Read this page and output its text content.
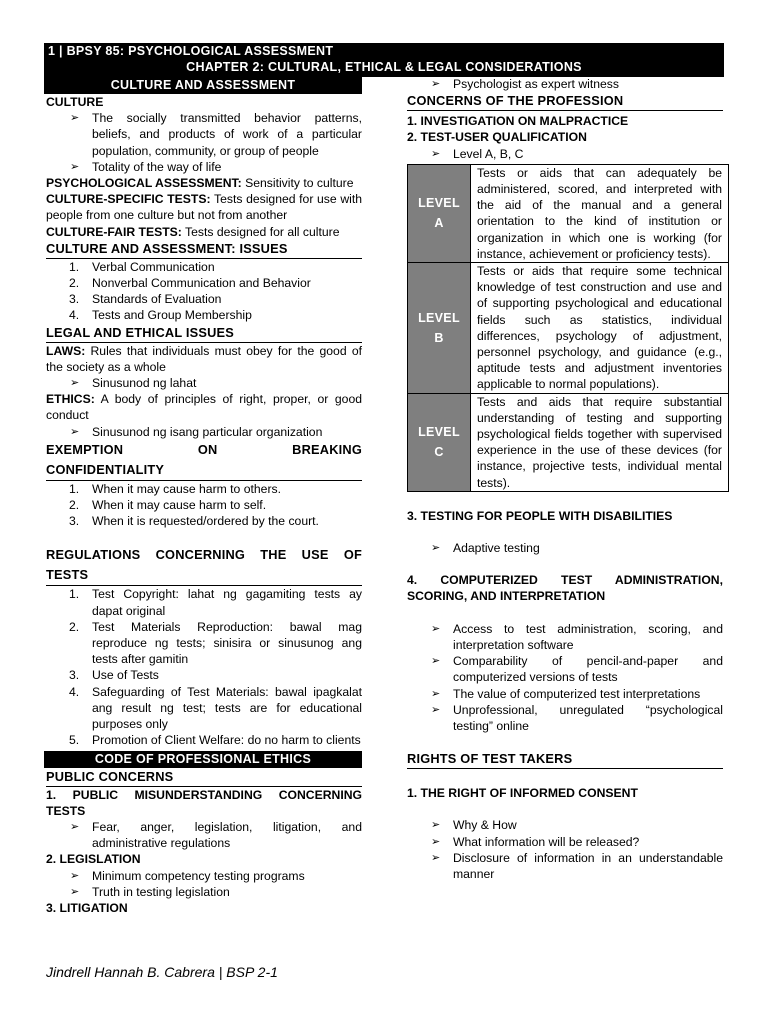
1 | BPSY 85: PSYCHOLOGICAL ASSESSMENT
CHAPTER 2: CULTURAL, ETHICAL & LEGAL CONSIDERATIONS
CULTURE AND ASSESSMENT
CULTURE
➢ The socially transmitted behavior patterns, beliefs, and products of work of a particular population, community, or group of people
➢ Totality of the way of life
PSYCHOLOGICAL ASSESSMENT: Sensitivity to culture
CULTURE-SPECIFIC TESTS: Tests designed for use with people from one culture but not from another
CULTURE-FAIR TESTS: Tests designed for all culture
CULTURE AND ASSESSMENT: ISSUES
1. Verbal Communication
2. Nonverbal Communication and Behavior
3. Standards of Evaluation
4. Tests and Group Membership
LEGAL AND ETHICAL ISSUES
LAWS: Rules that individuals must obey for the good of the society as a whole
➢ Sinusunod ng lahat
ETHICS: A body of principles of right, proper, or good conduct
➢ Sinusunod ng isang particular organization
EXEMPTION ON BREAKING
CONFIDENTIALITY
1. When it may cause harm to others.
2. When it may cause harm to self.
3. When it is requested/ordered by the court.
REGULATIONS CONCERNING THE USE OF
TESTS
1. Test Copyright: lahat ng gagamiting tests ay dapat original
2. Test Materials Reproduction: bawal mag reproduce ng tests; sinisira or sinusunog ang tests after gamitin
3. Use of Tests
4. Safeguarding of Test Materials: bawal ipagkalat ang result ng test; tests are for educational purposes only
5. Promotion of Client Welfare: do no harm to clients
CODE OF PROFESSIONAL ETHICS
PUBLIC CONCERNS
1. PUBLIC MISUNDERSTANDING CONCERNING TESTS
➢ Fear, anger, legislation, litigation, and administrative regulations
2. LEGISLATION
➢ Minimum competency testing programs
➢ Truth in testing legislation
3. LITIGATION
➢ Psychologist as expert witness
CONCERNS OF THE PROFESSION
1. INVESTIGATION ON MALPRACTICE
2. TEST-USER QUALIFICATION
➢ Level A, B, C
LEVEL
A	Tests or aids that can adequately be administered, scored, and interpreted with the aid of the manual and a general orientation to the kind of institution or organization in which one is working (for instance, achievement or proficiency tests).

LEVEL
B	Tests or aids that require some technical knowledge of test construction and use and of supporting psychological and educational fields such as statistics, individual differences, psychology of adjustment, personnel psychology, and guidance (e.g., aptitude tests and adjustment inventories applicable to normal populations).

LEVEL
C	Tests and aids that require substantial understanding of testing and supporting psychological fields together with supervised experience in the use of these devices (for instance, projective tests, individual mental tests).
3. TESTING FOR PEOPLE WITH DISABILITIES
➢ Adaptive testing
4. COMPUTERIZED TEST ADMINISTRATION, SCORING, AND INTERPRETATION
➢ Access to test administration, scoring, and interpretation software
➢ Comparability of pencil-and-paper and computerized versions of tests
➢ The value of computerized test interpretations
➢ Unprofessional, unregulated “psychological testing” online
RIGHTS OF TEST TAKERS
1. THE RIGHT OF INFORMED CONSENT
➢ Why & How
➢ What information will be released?
➢ Disclosure of information in an understandable manner
Jindrell Hannah B. Cabrera | BSP 2-1
